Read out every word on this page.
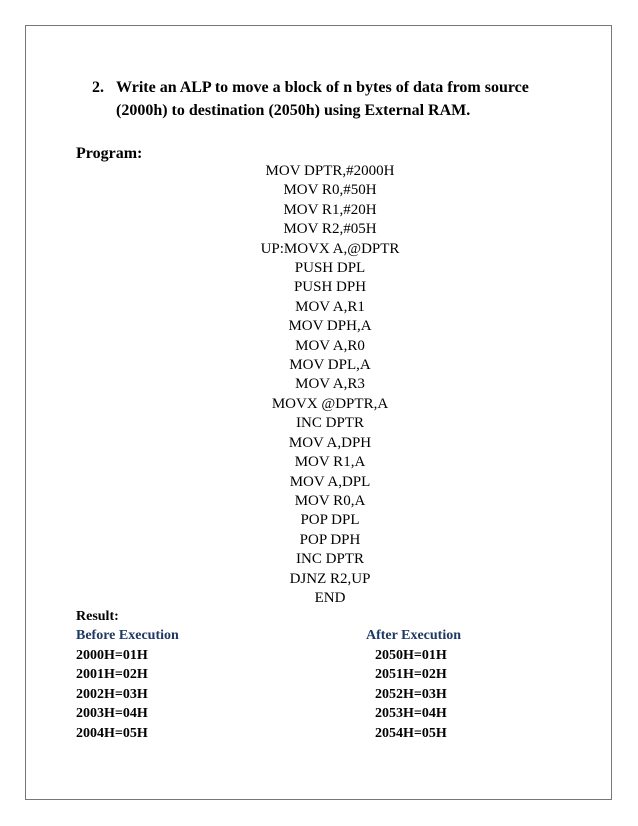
2. Write an ALP to move a block of n bytes of data from source
(2000h) to destination (2050h) using External RAM.
Program:
MOV DPTR,#2000H
MOV R0,#50H
MOV R1,#20H
MOV R2,#05H
UP:MOVX A,@DPTR
PUSH DPL
PUSH DPH
MOV A,R1
MOV DPH,A
MOV A,R0
MOV DPL,A
MOV A,R3
MOVX @DPTR,A
INC DPTR
MOV A,DPH
MOV R1,A
MOV A,DPL
MOV R0,A
POP DPL
POP DPH
INC DPTR
DJNZ R2,UP
END
Result:
Before Execution	After Execution
2000H=01H
2001H=02H
2002H=03H
2003H=04H
2004H=05H
2050H=01H
2051H=02H
2052H=03H
2053H=04H
2054H=05H
